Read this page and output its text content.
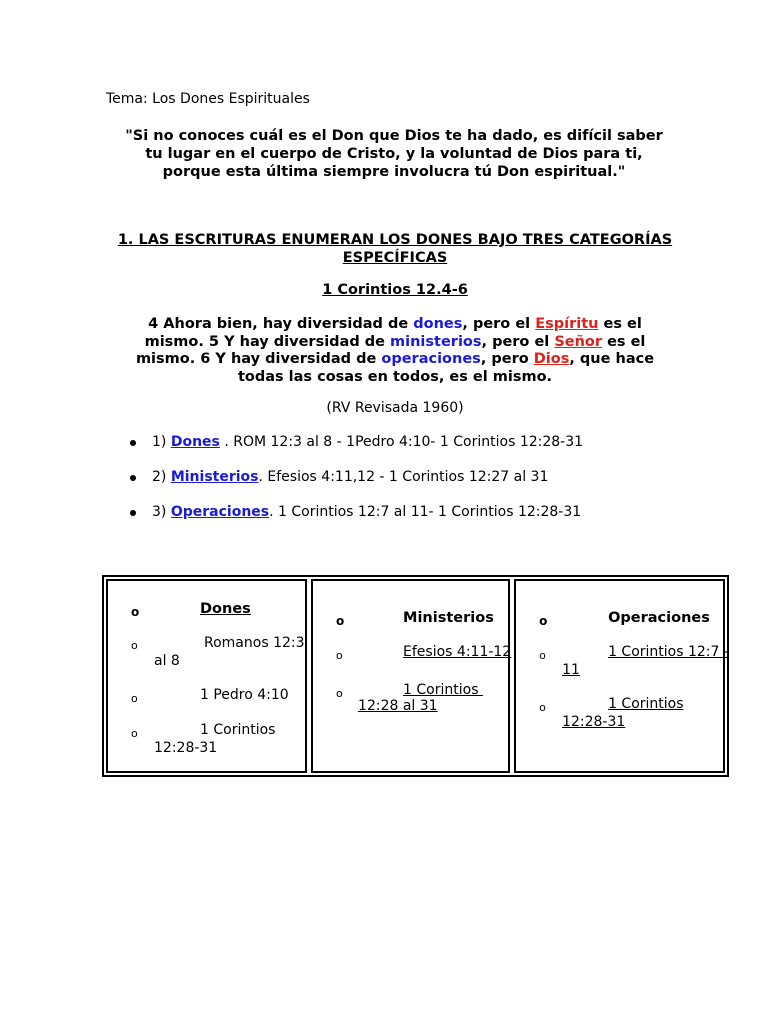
Tema: Los Dones Espirituales
"Si no conoces cuál es el Don que Dios te ha dado, es difícil saber
tu lugar en el cuerpo de Cristo, y la voluntad de Dios para ti,
porque esta última siempre involucra tú Don espiritual."
1. LAS ESCRITURAS ENUMERAN LOS DONES BAJO TRES CATEGORÍAS
ESPECÍFICAS
1 Corintios 12.4-6
4 Ahora bien, hay diversidad de dones, pero el Espíritu es el mismo. 5 Y hay diversidad de ministerios, pero el Señor es el mismo. 6 Y hay diversidad de operaciones, pero Dios, que hace todas las cosas en todos, es el mismo.
(RV Revisada 1960)
1) Dones . ROM 12:3 al 8 - 1Pedro 4:10- 1 Corintios 12:28-31
2) Ministerios. Efesios 4:11,12 - 1 Corintios 12:27 al 31
3) Operaciones. 1 Corintios 12:7 al 11- 1 Corintios 12:28-31
o	Dones
o	Romanos 12:3
al 8
o	1 Pedro 4:10
o	1 Corintios
12:28-31
o	Ministerios
o	Efesios 4:11-12
o	1 Corintios
12:28 al 31
o	Operaciones
o	1 Corintios 12:7 -
11
o	1 Corintios
12:28-31
